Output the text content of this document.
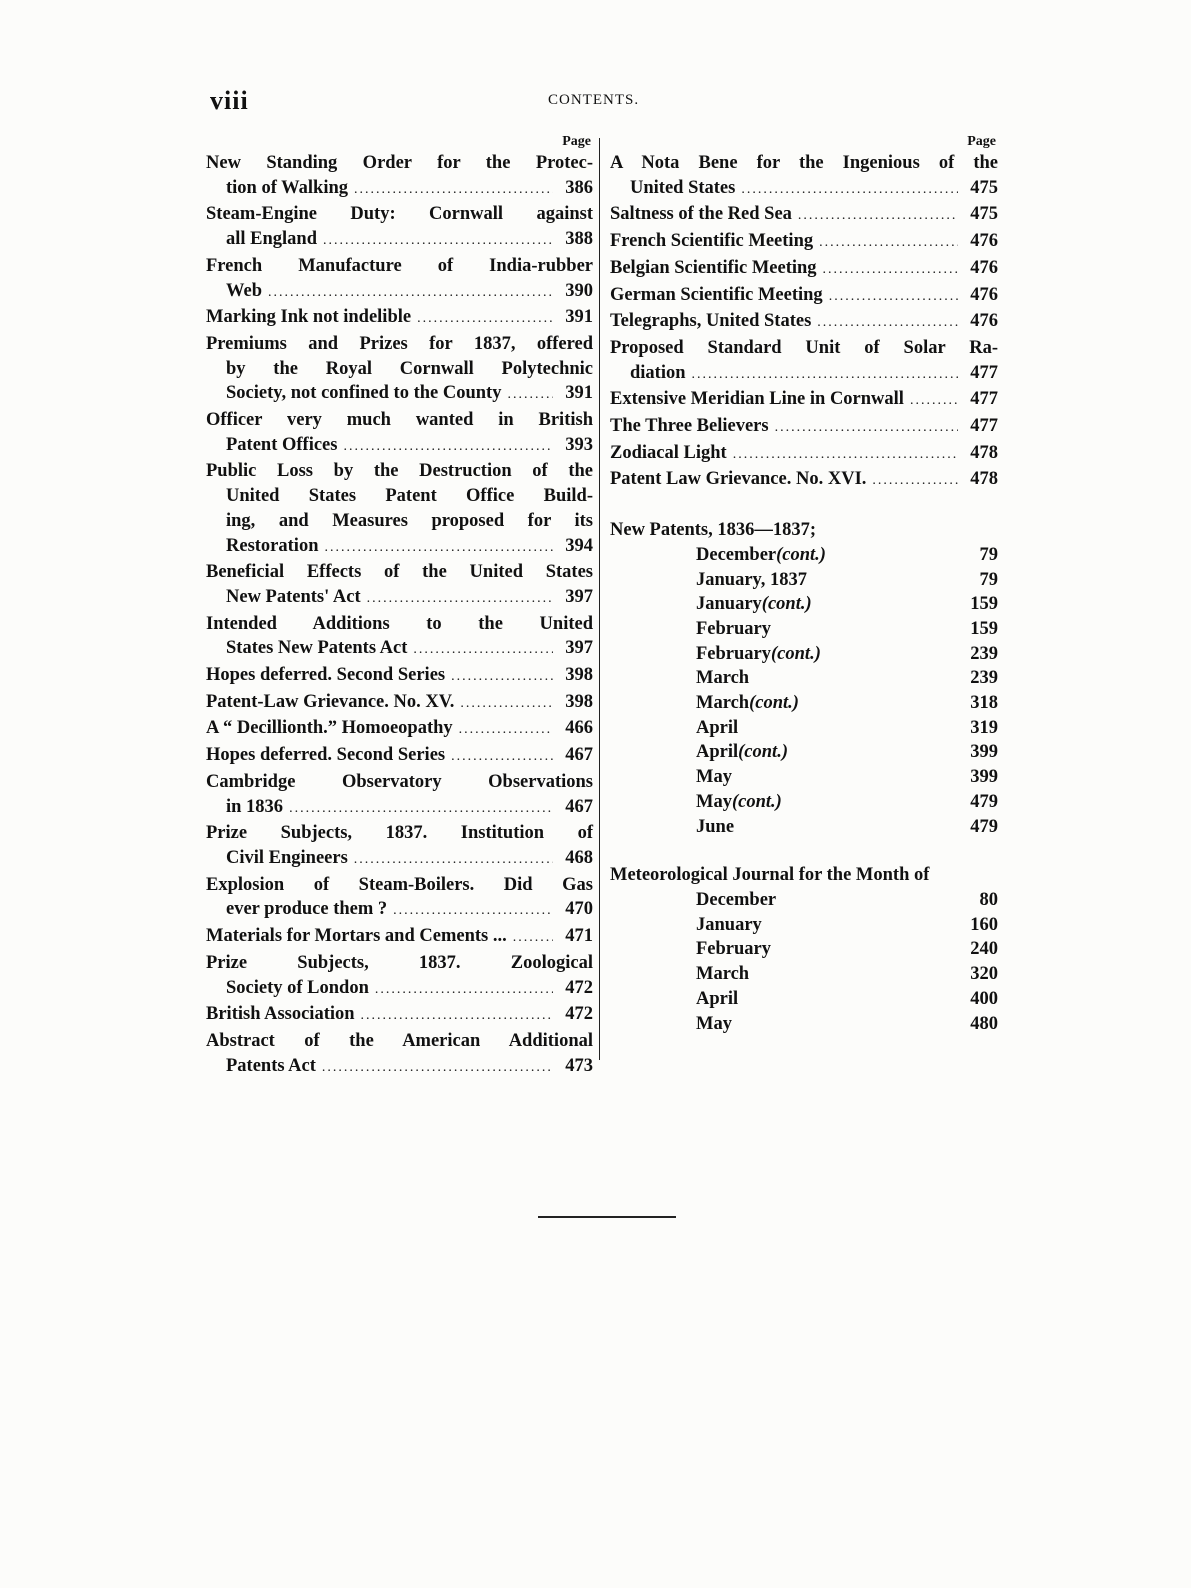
viii	CONTENTS.
Page
New Standing Order for the Protec-
tion of Walking .....	386
Steam-Engine Duty: Cornwall against
all England .....	388
French Manufacture of India-rubber
Web .....	390
Marking Ink not indelible .....	391
Premiums and Prizes for 1837, offered
by the Royal Cornwall Polytechnic
Society, not confined to the County .....	391
Officer very much wanted in British
Patent Offices .....	393
Public Loss by the Destruction of the
United States Patent Office Build-
ing, and Measures proposed for its
Restoration .....	394
Beneficial Effects of the United States
New Patents' Act .....	397
Intended Additions to the United
States New Patents Act .....	397
Hopes deferred. Second Series .....	398
Patent-Law Grievance. No. XV. .....	398
A “ Decillionth.” Homoeopathy .....	466
Hopes deferred. Second Series .....	467
Cambridge Observatory Observations
in 1836 .....	467
Prize Subjects, 1837. Institution of
Civil Engineers .....	468
Explosion of Steam-Boilers. Did Gas
ever produce them ? .....	470
Materials for Mortars and Cements ... .....	471
Prize Subjects, 1837. Zoological
Society of London .....	472
British Association .....	472
Abstract of the American Additional
Patents Act .....	473
Page
A Nota Bene for the Ingenious of the
United States .....	475
Saltness of the Red Sea .....	475
French Scientific Meeting .....	476
Belgian Scientific Meeting .....	476
German Scientific Meeting .....	476
Telegraphs, United States .....	476
Proposed Standard Unit of Solar Ra-
diation .....	477
Extensive Meridian Line in Cornwall .....	477
The Three Believers .....	477
Zodiacal Light .....	478
Patent Law Grievance. No. XVI. .....	478
New Patents, 1836—1837;
December (cont.)	79
January, 1837	79
January (cont.)	159
February	159
February (cont.)	239
March	239
March (cont.)	318
April	319
April (cont.)	399
May	399
May (cont.)	479
June	479
Meteorological Journal for the Month of
December	80
January	160
February	240
March	320
April	400
May	480
